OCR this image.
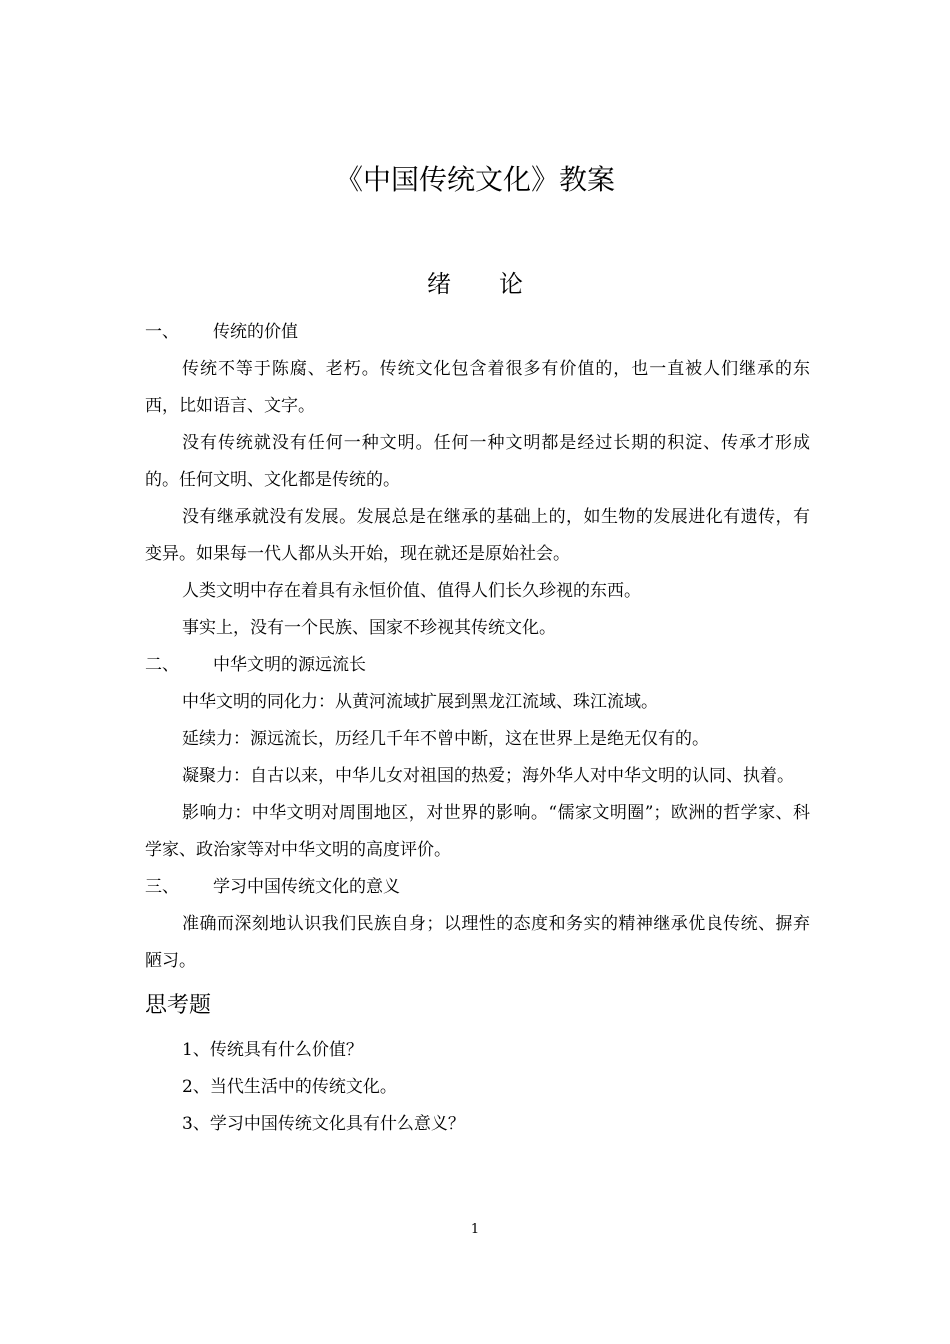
《中国传统文化》教案
绪 论
一、	传统的价值
传统不等于陈腐、老朽。传统文化包含着很多有价值的，也一直被人们继承的东西，比如语言、文字。
没有传统就没有任何一种文明。任何一种文明都是经过长期的积淀、传承才形成的。任何文明、文化都是传统的。
没有继承就没有发展。发展总是在继承的基础上的，如生物的发展进化有遗传，有变异。如果每一代人都从头开始，现在就还是原始社会。
人类文明中存在着具有永恒价值、值得人们长久珍视的东西。
事实上，没有一个民族、国家不珍视其传统文化。
二、	中华文明的源远流长
中华文明的同化力：从黄河流域扩展到黑龙江流域、珠江流域。
延续力：源远流长，历经几千年不曾中断，这在世界上是绝无仅有的。
凝聚力：自古以来，中华儿女对祖国的热爱；海外华人对中华文明的认同、执着。
影响力：中华文明对周围地区，对世界的影响。“儒家文明圈”；欧洲的哲学家、科学家、政治家等对中华文明的高度评价。
三、	学习中国传统文化的意义
准确而深刻地认识我们民族自身；以理性的态度和务实的精神继承优良传统、摒弃陋习。
思考题
1、传统具有什么价值？
2、当代生活中的传统文化。
3、学习中国传统文化具有什么意义？
1
